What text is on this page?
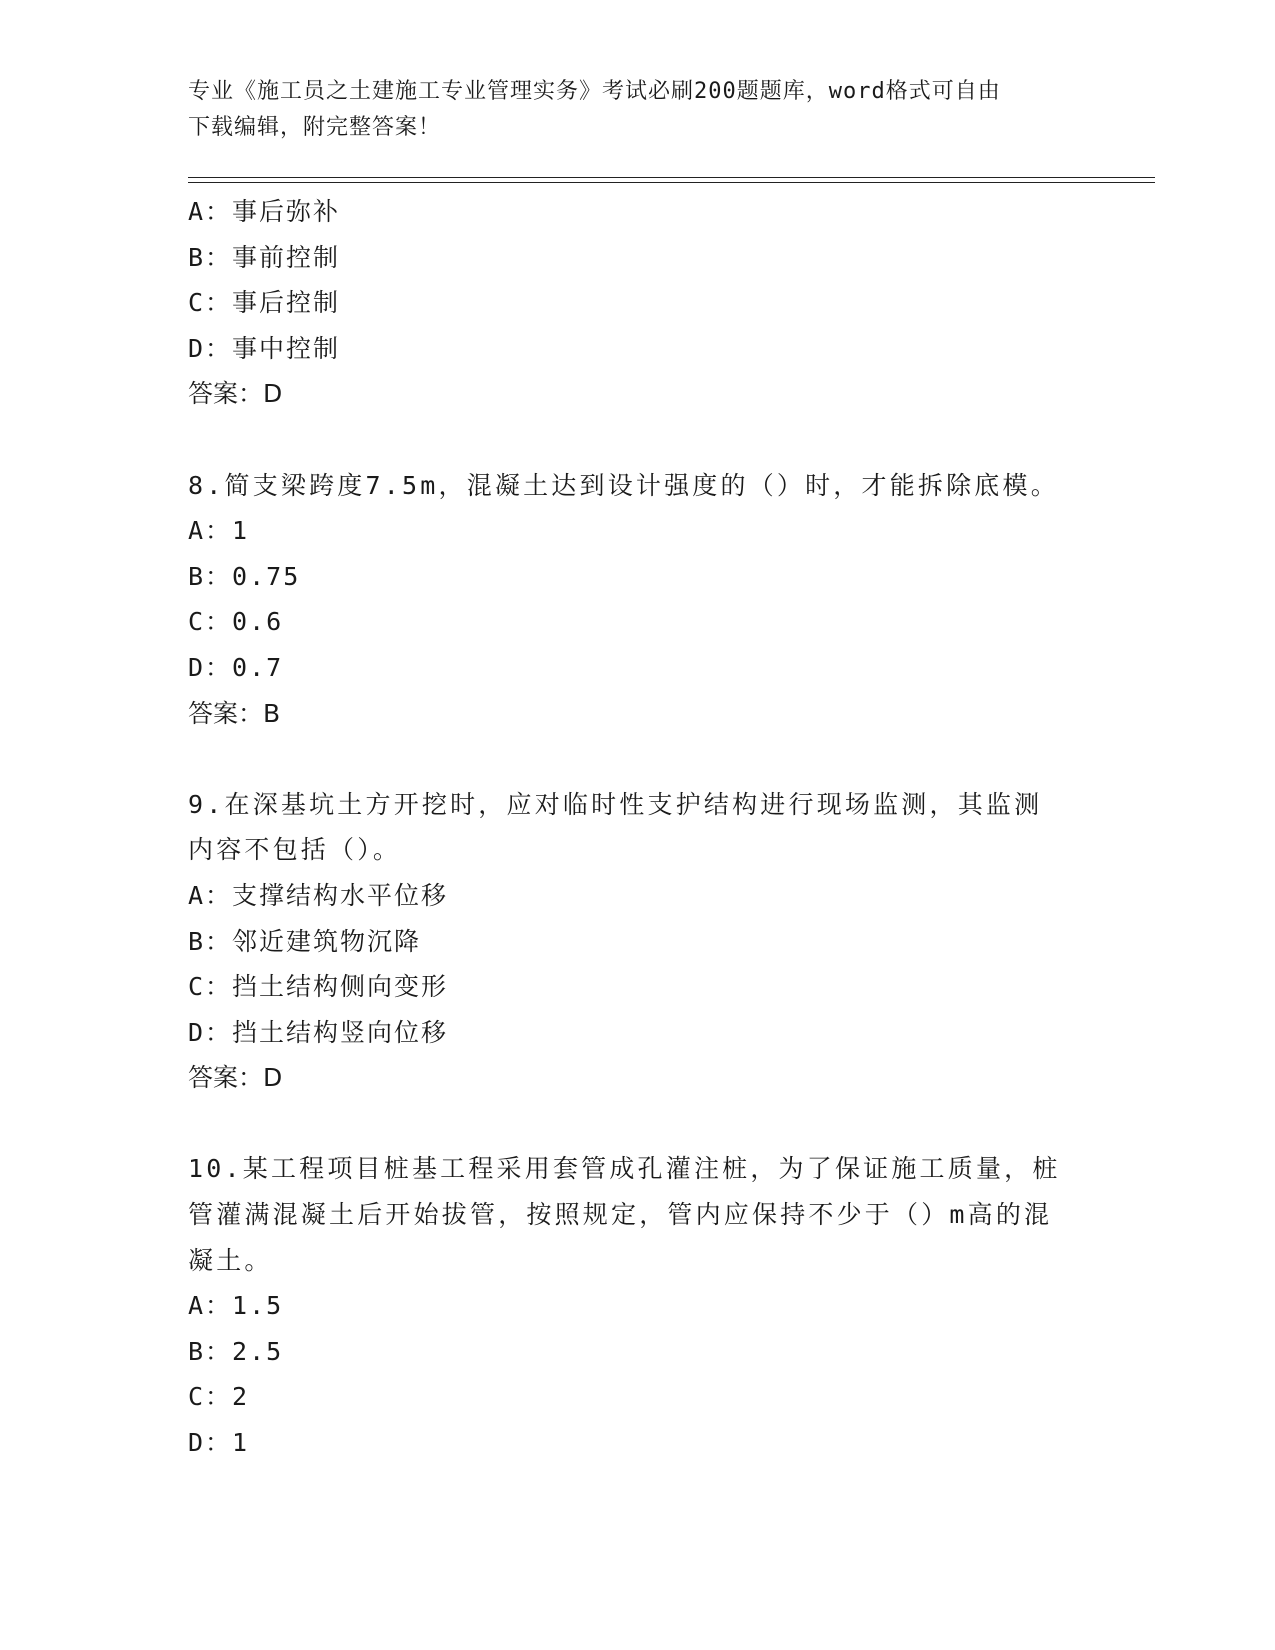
专业《施工员之土建施工专业管理实务》考试必刷200题题库，word格式可自由
下载编辑，附完整答案！
A：事后弥补
B：事前控制
C：事后控制
D：事中控制
答案：D
8.简支梁跨度7.5m，混凝土达到设计强度的（）时，才能拆除底模。
A：1
B：0.75
C：0.6
D：0.7
答案：B
9.在深基坑土方开挖时，应对临时性支护结构进行现场监测，其监测
内容不包括（）。
A：支撑结构水平位移
B：邻近建筑物沉降
C：挡土结构侧向变形
D：挡土结构竖向位移
答案：D
10.某工程项目桩基工程采用套管成孔灌注桩，为了保证施工质量，桩
管灌满混凝土后开始拔管，按照规定，管内应保持不少于（）m高的混
凝土。
A：1.5
B：2.5
C：2
D：1
